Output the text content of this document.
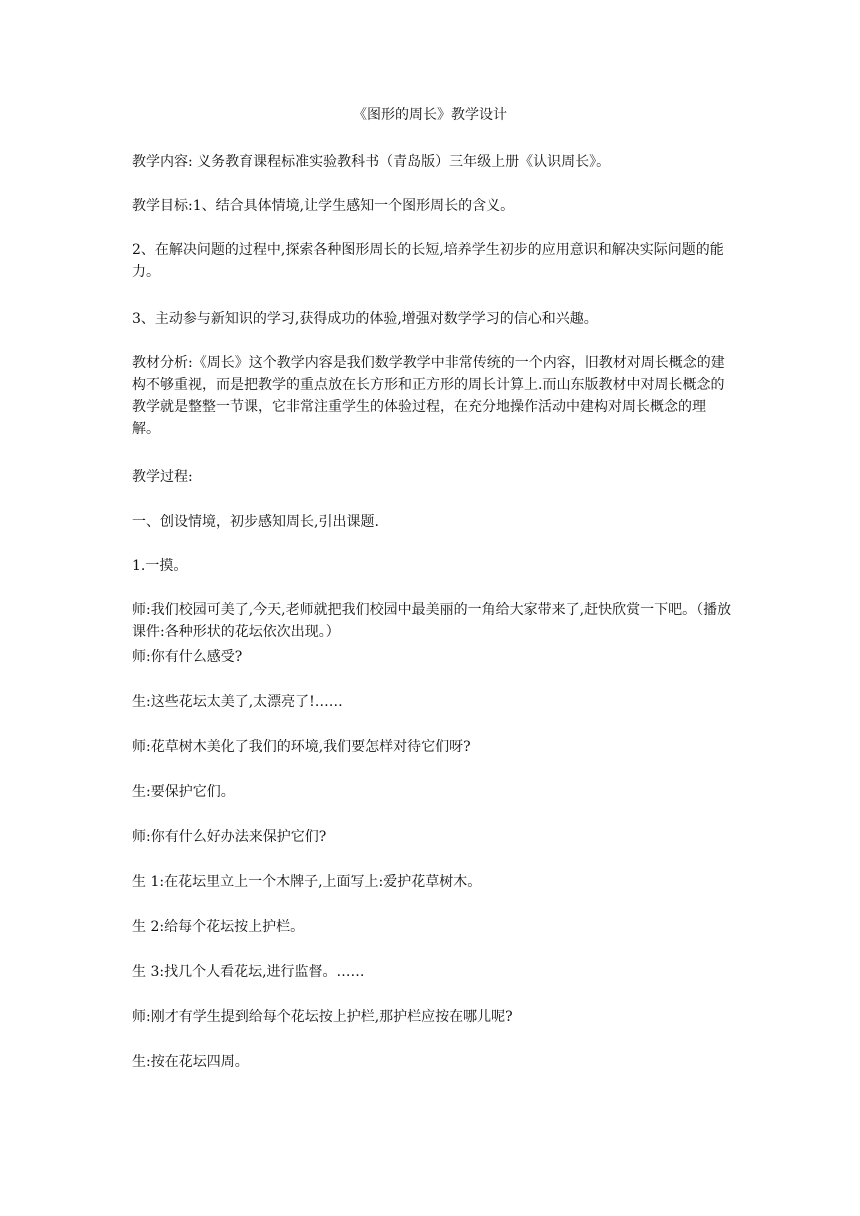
《图形的周长》教学设计

教学内容: 义务教育课程标准实验教科书（青岛版）三年级上册《认识周长》。

教学目标:1、结合具体情境,让学生感知一个图形周长的含义。

2、在解决问题的过程中,探索各种图形周长的长短,培养学生初步的应用意识和解决实际问题的能力。

3、主动参与新知识的学习,获得成功的体验,增强对数学学习的信心和兴趣。

教材分析:《周长》这个教学内容是我们数学教学中非常传统的一个内容，旧教材对周长概念的建构不够重视，而是把教学的重点放在长方形和正方形的周长计算上.而山东版教材中对周长概念的教学就是整整一节课，它非常注重学生的体验过程，在充分地操作活动中建构对周长概念的理解。

教学过程:

一、创设情境，初步感知周长,引出课题.

1.一摸。

师:我们校园可美了,今天,老师就把我们校园中最美丽的一角给大家带来了,赶快欣赏一下吧。（播放课件:各种形状的花坛依次出现。）

师:你有什么感受?

生:这些花坛太美了,太漂亮了!……

师:花草树木美化了我们的环境,我们要怎样对待它们呀?

生:要保护它们。

师:你有什么好办法来保护它们?

生 1:在花坛里立上一个木牌子,上面写上:爱护花草树木。

生 2:给每个花坛按上护栏。

生 3:找几个人看花坛,进行监督。……

师:刚才有学生提到给每个花坛按上护栏,那护栏应按在哪儿呢?

生:按在花坛四周。
